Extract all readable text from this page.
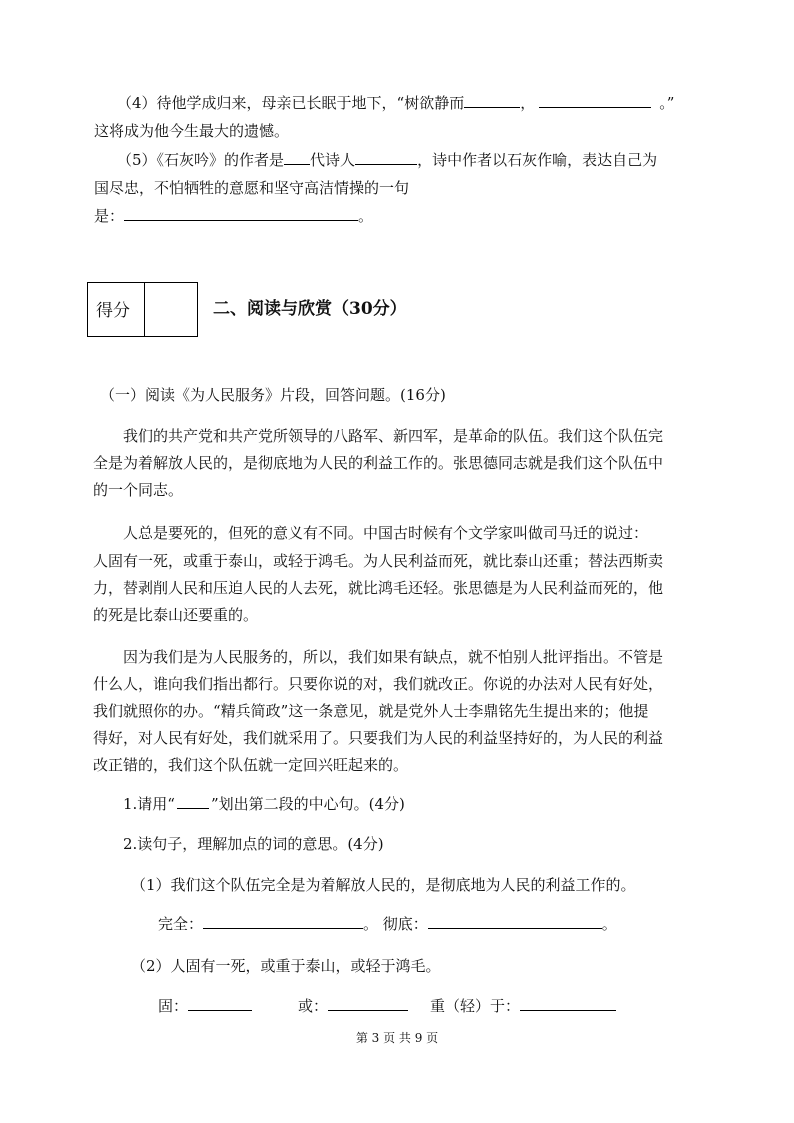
（4）待他学成归来，母亲已长眠于地下，“树欲静而	，	。”
这将成为他今生最大的遗憾。
（5）《石灰吟》的作者是 代诗人	，诗中作者以石灰作喻，表达自己为
国尽忠，不怕牺牲的意愿和坚守高洁情操的一句
是：	。
得分	二、阅读与欣赏（30分）
（一）阅读《为人民服务》片段，回答问题。(16分)
我们的共产党和共产党所领导的八路军、新四军，是革命的队伍。我们这个队伍完
全是为着解放人民的，是彻底地为人民的利益工作的。张思德同志就是我们这个队伍中
的一个同志。
人总是要死的，但死的意义有不同。中国古时候有个文学家叫做司马迁的说过：
人固有一死，或重于泰山，或轻于鸿毛。为人民利益而死，就比泰山还重；替法西斯卖
力，替剥削人民和压迫人民的人去死，就比鸿毛还轻。张思德是为人民利益而死的，他
的死是比泰山还要重的。
因为我们是为人民服务的，所以，我们如果有缺点，就不怕别人批评指出。不管是
什么人，谁向我们指出都行。只要你说的对，我们就改正。你说的办法对人民有好处，
我们就照你的办。“精兵简政”这一条意见，就是党外人士李鼎铭先生提出来的；他提
得好，对人民有好处，我们就采用了。只要我们为人民的利益坚持好的，为人民的利益
改正错的，我们这个队伍就一定回兴旺起来的。
1.请用“ ”划出第二段的中心句。(4分)
2.读句子，理解加点的词的意思。(4分)
（1）我们这个队伍完全是为着解放人民的，是彻底地为人民的利益工作的。
完全：	。 彻底：	。
（2）人固有一死，或重于泰山，或轻于鸿毛。
固：	或：	重（轻）于：
第 3 页 共 9 页
